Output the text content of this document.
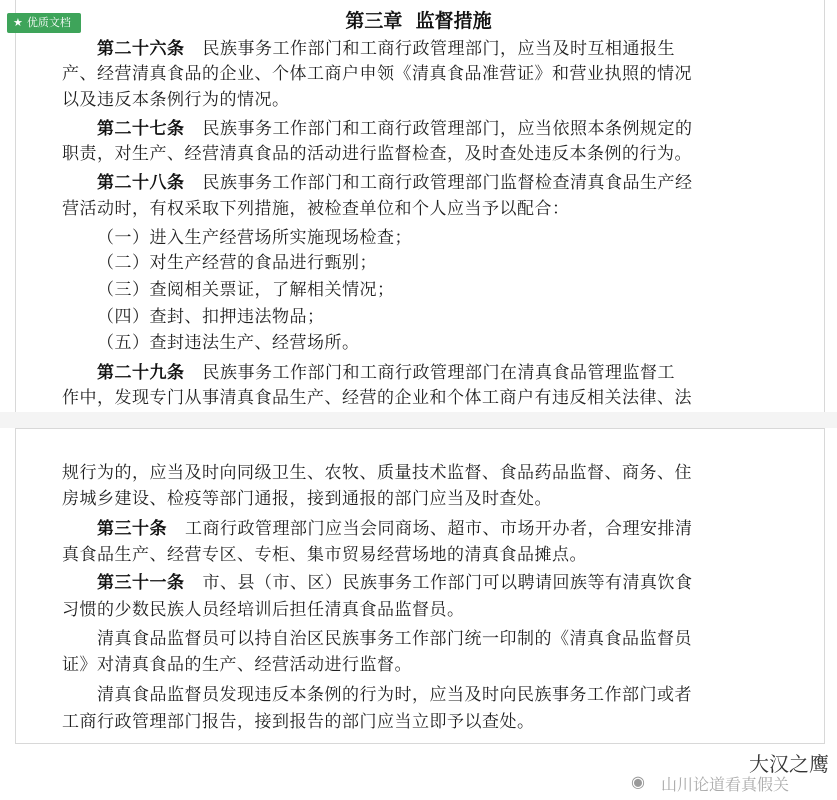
★ 优质文档	第三章  监督措施
第二十六条 民族事务工作部门和工商行政管理部门，应当及时互相通报生
产、经营清真食品的企业、个体工商户申领《清真食品准营证》和营业执照的情况
以及违反本条例行为的情况。
第二十七条 民族事务工作部门和工商行政管理部门，应当依照本条例规定的
职责，对生产、经营清真食品的活动进行监督检查，及时查处违反本条例的行为。
第二十八条 民族事务工作部门和工商行政管理部门监督检查清真食品生产经
营活动时，有权采取下列措施，被检查单位和个人应当予以配合：
（一）进入生产经营场所实施现场检查；
（二）对生产经营的食品进行甄别；
（三）查阅相关票证，了解相关情况；
（四）查封、扣押违法物品；
（五）查封违法生产、经营场所。
第二十九条 民族事务工作部门和工商行政管理部门在清真食品管理监督工
作中，发现专门从事清真食品生产、经营的企业和个体工商户有违反相关法律、法
规行为的，应当及时向同级卫生、农牧、质量技术监督、食品药品监督、商务、住
房城乡建设、检疫等部门通报，接到通报的部门应当及时查处。
第三十条 工商行政管理部门应当会同商场、超市、市场开办者，合理安排清
真食品生产、经营专区、专柜、集市贸易经营场地的清真食品摊点。
第三十一条 市、县（市、区）民族事务工作部门可以聘请回族等有清真饮食
习惯的少数民族人员经培训后担任清真食品监督员。
清真食品监督员可以持自治区民族事务工作部门统一印制的《清真食品监督员
证》对清真食品的生产、经营活动进行监督。
清真食品监督员发现违反本条例的行为时，应当及时向民族事务工作部门或者
工商行政管理部门报告，接到报告的部门应当立即予以查处。
大汉之鹰
◉ 山川论道看真假关
